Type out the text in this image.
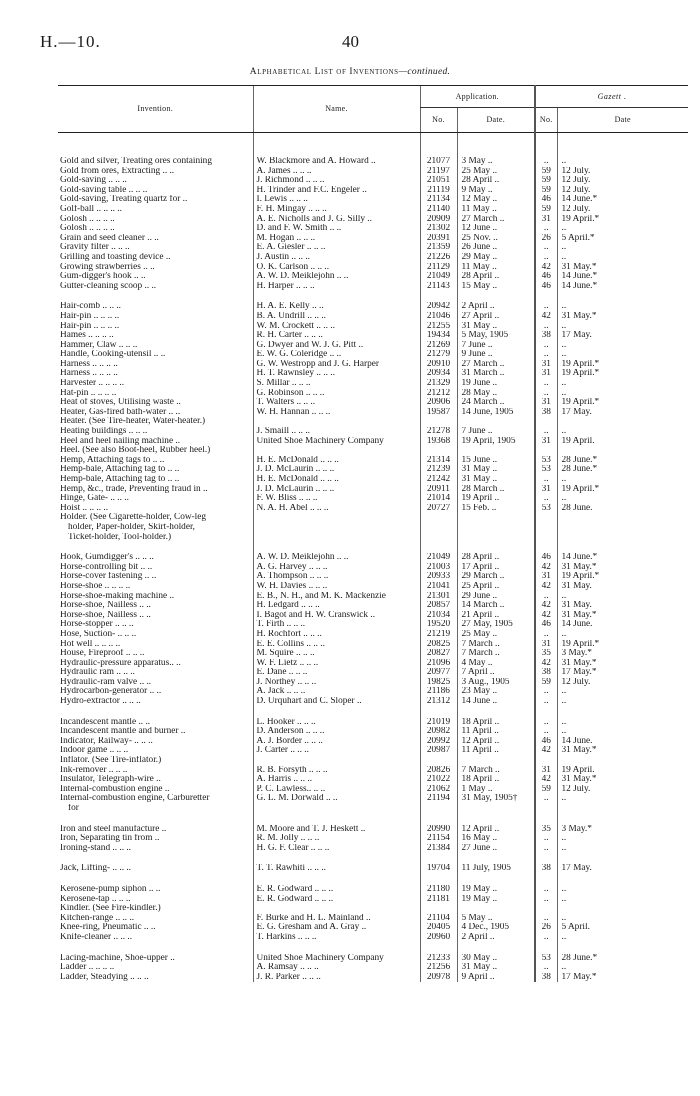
H.—10.	40
Alphabetical List of Inventions—continued.
Invention.	Name.	Application.		Gazett .	
		No.	Date.	No.	Date

Gold and silver, Treating ores containing	W. Blackmore and A. Howard ..	21077	3 May ..	..	..
Gold from ores, Extracting .. ..	A. James .. .. ..	21197	25 May ..	59	12 July.
Gold-saving .. .. ..	J. Richmond .. .. ..	21051	28 April ..	59	12 July.
Gold-saving table .. .. ..	H. Trinder and F.C. Engeler ..	21119	9 May ..	59	12 July.
Gold-saving, Treating quartz for ..	I. Lewis .. .. ..	21134	12 May ..	46	14 June.*
Golf-ball .. .. .. ..	F. H. Mingay .. .. ..	21140	11 May ..	59	12 July.
Golosh .. .. .. ..	A. E. Nicholls and J. G. Silly ..	20909	27 March ..	31	19 April.*
Golosh .. .. .. ..	D. and F. W. Smith .. ..	21302	12 June ..	..	..
Grain and seed cleaner .. ..	M. Hogan .. .. ..	20391	25 Nov. ..	26	5 April.*
Gravity filter .. .. ..	E. A. Giesler .. .. ..	21359	26 June ..	..	..
Grilling and toasting device ..	J. Austin .. .. ..	21226	29 May ..	..	..
Growing strawberries .. ..	O. K. Carlson .. .. ..	21129	11 May ..	42	31 May.*
Gum-digger's hook .. ..	A. W. D. Meiklejohn .. ..	21049	28 April ..	46	14 June.*
Gutter-cleaning scoop .. ..	H. Harper .. .. ..	21143	15 May ..	46	14 June.*

Hair-comb .. .. ..	H. A. E. Kelly .. ..	20942	2 April ..	..	..
Hair-pin .. .. .. ..	B. A. Undrill .. .. ..	21046	27 April ..	42	31 May.*
Hair-pin .. .. .. ..	W. M. Crockett .. .. ..	21255	31 May ..	..	..
Hames .. .. .. ..	R. H. Carter .. .. ..	19434	5 May, 1905	38	17 May.
Hammer, Claw .. .. ..	G. Dwyer and W. J. G. Pitt ..	21269	7 June ..	..	..
Handle, Cooking-utensil .. ..	E. W. G. Coleridge .. ..	21279	9 June ..	..	..
Harness .. .. .. ..	G. W. Westropp and J. G. Harper	20910	27 March ..	31	19 April.*
Harness .. .. .. ..	H. T. Rawnsley .. .. ..	20934	31 March ..	31	19 April.*
Harvester .. .. .. ..	S. Millar .. .. ..	21329	19 June ..	..	..
Hat-pin .. .. .. ..	G. Robinson .. .. ..	21212	28 May ..	..	..
Heat of stoves, Utilising waste ..	T. Walters .. .. ..	20906	24 March ..	31	19 April.*
Heater, Gas-fired bath-water .. ..	W. H. Hannan .. .. ..	19587	14 June, 1905	38	17 May.
Heater. (See Tire-heater, Water-heater.)					
Heating buildings .. .. ..	J. Smaill .. .. ..	21278	7 June ..	..	..
Heel and heel nailing machine ..	United Shoe Machinery Company	19368	19 April, 1905	31	19 April.
Heel. (See also Boot-heel, Rubber heel.)					
Hemp, Attaching tags to .. ..	H. E. McDonald .. .. ..	21314	15 June ..	53	28 June.*
Hemp-bale, Attaching tag to .. ..	J. D. McLaurin .. .. ..	21239	31 May ..	53	28 June.*
Hemp-bale, Attaching tag to .. ..	H. E. McDonald .. .. ..	21242	31 May ..	..	..
Hemp, &c., trade, Preventing fraud in ..	J. D. McLaurin .. .. ..	20911	28 March ..	31	19 April.*
Hinge, Gate- .. .. ..	F. W. Bliss .. .. ..	21014	19 April ..	..	..
Hoist .. .. .. ..	N. A. H. Abel .. .. ..	20727	15 Feb. ..	53	28 June.
Holder. (See Cigarette-holder, Cow-leg					
holder, Paper-holder, Skirt-holder,					
Ticket-holder, Tool-holder.)					

Hook, Gumdigger's .. .. ..	A. W. D. Meiklejohn .. ..	21049	28 April ..	46	14 June.*
Horse-controlling bit .. ..	A. G. Harvey .. .. ..	21003	17 April ..	42	31 May.*
Horse-cover fastening .. ..	A. Thompson .. .. ..	20933	29 March ..	31	19 April.*
Horse-shoe .. .. .. ..	W. H. Davies .. .. ..	21041	25 April ..	42	31 May.
Horse-shoe-making machine ..	E. B., N. H., and M. K. Mackenzie	21301	29 June ..	..	..
Horse-shoe, Nailless .. ..	H. Ledgard .. .. ..	20857	14 March ..	42	31 May.
Horse-shoe, Nailless .. ..	I. Bagot and H. W. Cranswick ..	21034	21 April ..	42	31 May.*
Horse-stopper .. .. ..	T. Firth .. .. ..	19520	27 May, 1905	46	14 June.
Hose, Suction- .. .. ..	H. Rochfort .. .. ..	21219	25 May ..	..	..
Hot well .. .. .. ..	E. E. Collins .. .. ..	20825	7 March ..	31	19 April.*
House, Fireproof .. .. ..	M. Squire .. .. ..	20827	7 March ..	35	3 May.*
Hydraulic-pressure apparatus.. ..	W. F. Lietz .. .. ..	21096	4 May ..	42	31 May.*
Hydraulic ram .. .. ..	E. Dane .. .. ..	20977	7 April ..	38	17 May.*
Hydraulic-ram valve .. ..	J. Northey .. .. ..	19825	3 Aug., 1905	59	12 July.
Hydrocarbon-generator .. ..	A. Jack .. .. ..	21186	23 May ..	..	..
Hydro-extractor .. .. ..	D. Urquhart and C. Sloper ..	21312	14 June ..	..	..

Incandescent mantle .. ..	L. Hooker .. .. ..	21019	18 April ..	..	..
Incandescent mantle and burner ..	D. Anderson .. .. ..	20982	11 April ..	..	..
Indicator, Railway- .. .. ..	A. J. Border .. .. ..	20992	12 April ..	46	14 June.
Indoor game .. .. ..	J. Carter .. .. ..	20987	11 April ..	42	31 May.*
Inflator. (See Tire-inflator.)					
Ink-remover .. .. ..	R. B. Forsyth .. .. ..	20826	7 March ..	31	19 April.
Insulator, Telegraph-wire ..	A. Harris .. .. ..	21022	18 April ..	42	31 May.*
Internal-combustion engine ..	P. C. Lawless.. .. ..	21062	1 May ..	59	12 July.
Internal-combustion engine, Carburetter	G. L. M. Dorwald .. ..	21194	31 May, 1905†	..	..
for					

Iron and steel manufacture ..	M. Moore and T. J. Heskett ..	20990	12 April ..	35	3 May.*
Iron, Separating tin from ..	R. M. Jolly .. .. ..	21154	16 May ..	..	..
Ironing-stand .. .. ..	H. G. F. Clear .. .. ..	21384	27 June ..	..	..

Jack, Lifting- .. .. ..	T. T. Rawhiti .. .. ..	19704	11 July, 1905	38	17 May.

Kerosene-pump siphon .. ..	E. R. Godward .. .. ..	21180	19 May ..	..	..
Kerosene-tap .. .. ..	E. R. Godward .. .. ..	21181	19 May ..	..	..
Kindler. (See Fire-kindler.)					
Kitchen-range .. .. ..	F. Burke and H. L. Mainland ..	21104	5 May ..	..	..
Knee-ring, Pneumatic .. ..	E. G. Gresham and A. Gray ..	20405	4 Dec., 1905	26	5 April.
Knife-cleaner .. .. ..	T. Harkins .. .. ..	20960	2 April ..	..	..

Lacing-machine, Shoe-upper ..	United Shoe Machinery Company	21233	30 May ..	53	28 June.*
Ladder .. .. .. ..	A. Ramsay .. .. ..	21256	31 May ..	..	..
Ladder, Steadying .. .. ..	J. R. Parker .. .. ..	20978	9 April ..	38	17 May.*
